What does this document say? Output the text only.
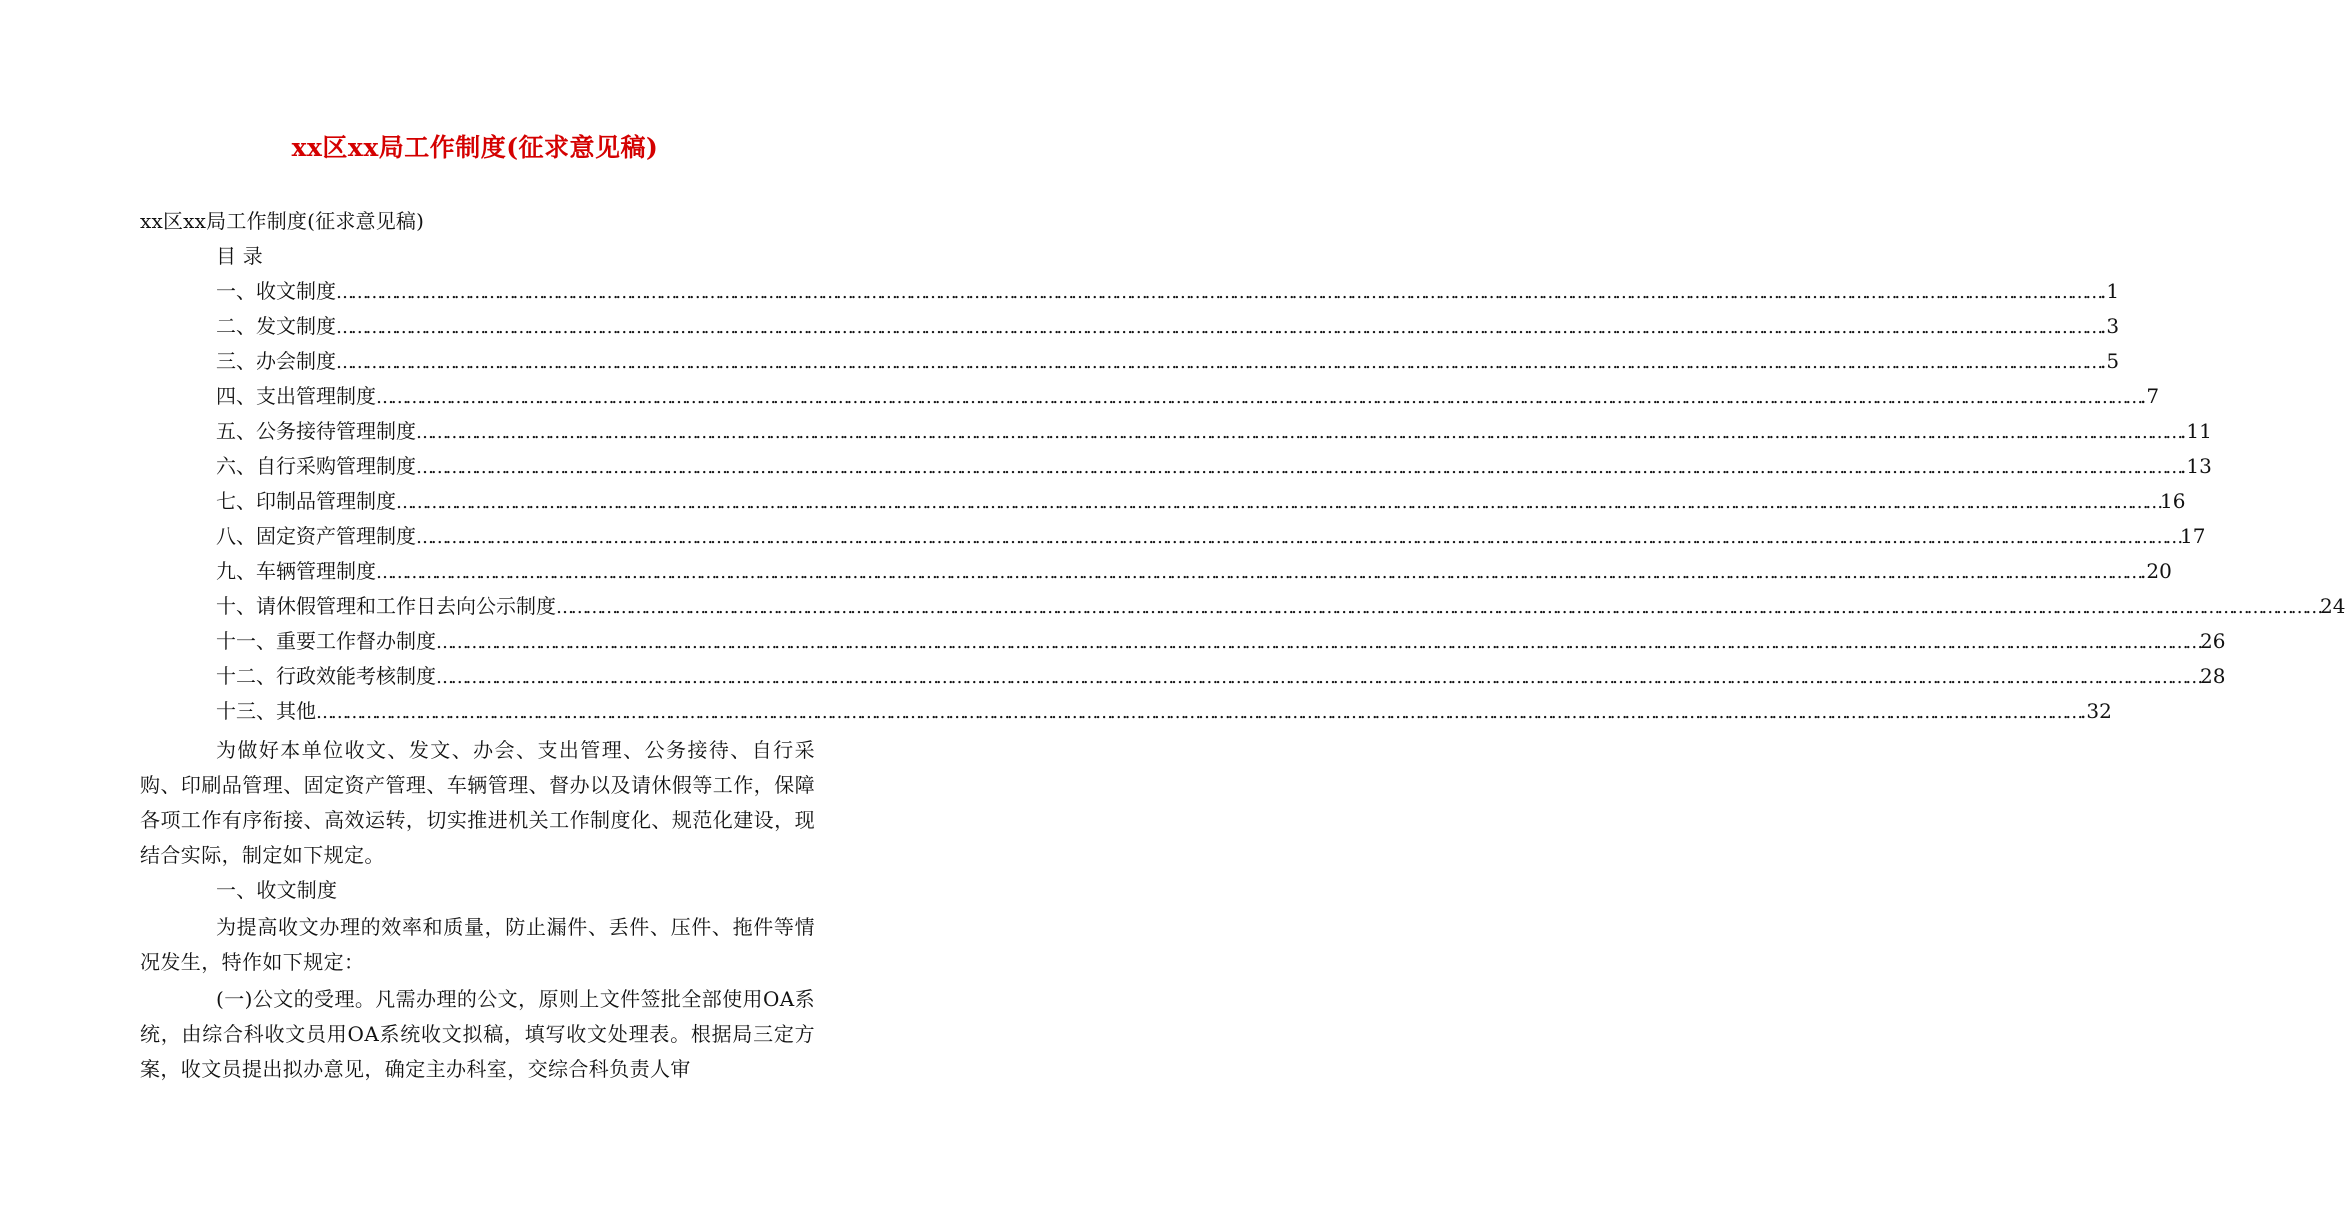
xx区xx局工作制度(征求意见稿)
xx区xx局工作制度(征求意见稿)
目 录
一、收文制度 ……………………………………………………………………………………………………………………………………………………………………………………………………………………………………………………………………………………………………………………………… .1
二、发文制度 ……………………………………………………………………………………………………………………………………………………………………………………………………………………………………………………………………………………………………………………………… .3
三、办会制度 ……………………………………………………………………………………………………………………………………………………………………………………………………………………………………………………………………………………………………………………………… .5
四、支出管理制度 ……………………………………………………………………………………………………………………………………………………………………………………………………………………………………………………………………………………………………………………………… .7
五、公务接待管理制度 ……………………………………………………………………………………………………………………………………………………………………………………………………………………………………………………………………………………………………………………………… .11
六、自行采购管理制度 ……………………………………………………………………………………………………………………………………………………………………………………………………………………………………………………………………………………………………………………………… .13
七、印制品管理制度 ……………………………………………………………………………………………………………………………………………………………………………………………………………………………………………………………………………………………………………………………… 16
八、固定资产管理制度 ……………………………………………………………………………………………………………………………………………………………………………………………………………………………………………………………………………………………………………………………… 17
九、车辆管理制度 ……………………………………………………………………………………………………………………………………………………………………………………………………………………………………………………………………………………………………………………………… .20
十、请休假管理和工作日去向公示制度 ……………………………………………………………………………………………………………………………………………………………………………………………………………………………………………………………………………………………………………………………… 24
十一、重要工作督办制度 ……………………………………………………………………………………………………………………………………………………………………………………………………………………………………………………………………………………………………………………………… 26
十二、行政效能考核制度 ……………………………………………………………………………………………………………………………………………………………………………………………………………………………………………………………………………………………………………………………… 28
十三、其他 ……………………………………………………………………………………………………………………………………………………………………………………………………………………………………………………………………………………………………………………………… .32
为做好本单位收文、发文、办会、支出管理、公务接待、自行采购、印刷品管理、固定资产管理、车辆管理、督办以及请休假等工作，保障各项工作有序衔接、高效运转，切实推进机关工作制度化、规范化建设，现结合实际，制定如下规定。
一、收文制度
为提高收文办理的效率和质量，防止漏件、丢件、压件、拖件等情况发生，特作如下规定：
(一)公文的受理。凡需办理的公文，原则上文件签批全部使用OA系统，由综合科收文员用OA系统收文拟稿，填写收文处理表。根据局三定方案，收文员提出拟办意见，确定主办科室，交综合科负责人审
